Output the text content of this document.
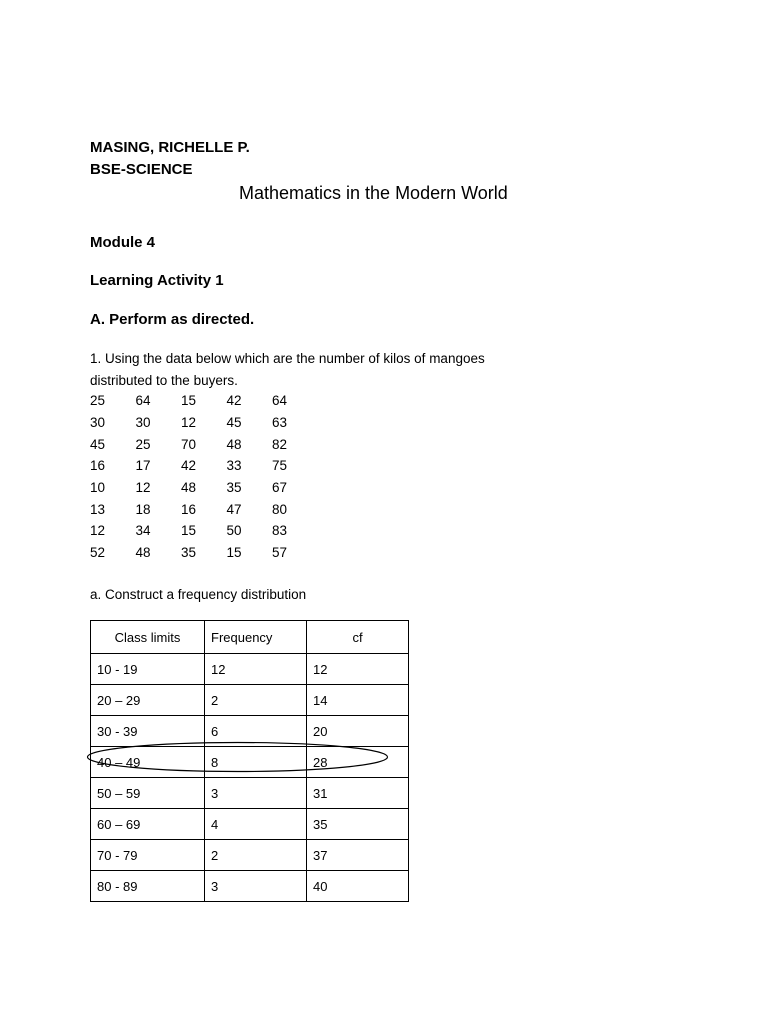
MASING, RICHELLE P.
BSE-SCIENCE
Mathematics in the Modern World
Module 4
Learning Activity 1
A. Perform as directed.
1. Using the data below which are the number of kilos of mangoes distributed to the buyers.
25	64	15	42	64
30	30	12	45	63
45	25	70	48	82
16	17	42	33	75
10	12	48	35	67
13	18	16	47	80
12	34	15	50	83
52	48	35	15	57
a. Construct a frequency distribution
Class limits	Frequency	cf
10 - 19	12	12
20 – 29	2	14
30 - 39	6	20
40 – 49	8	28
50 – 59	3	31
60 – 69	4	35
70 - 79	2	37
80 - 89	3	40
